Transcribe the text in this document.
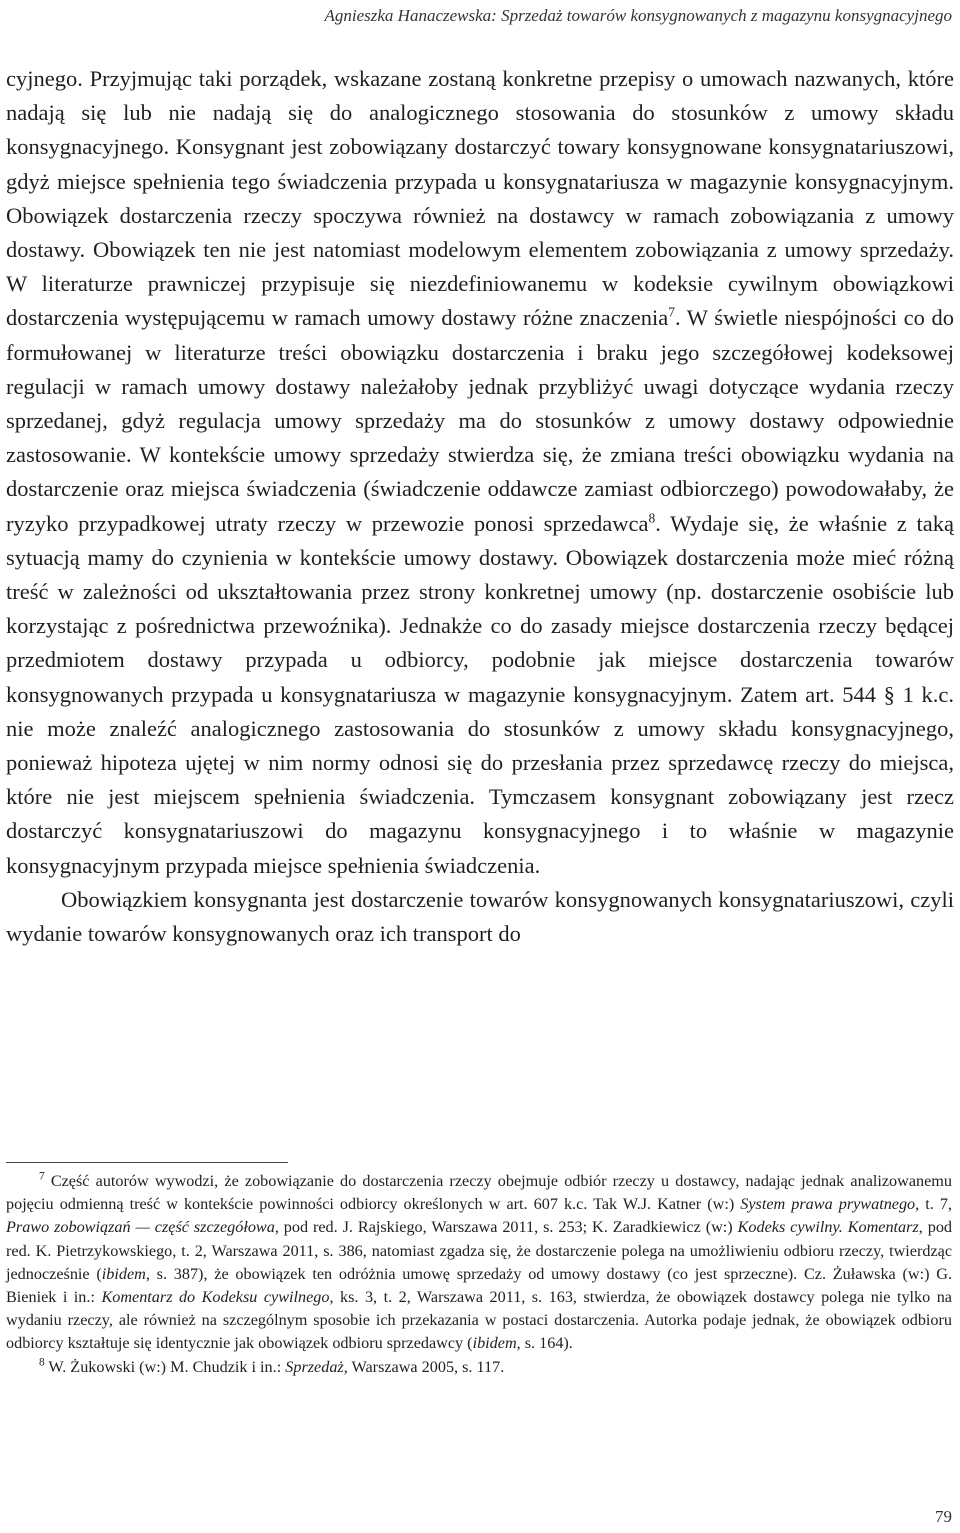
Agnieszka Hanaczewska: Sprzedaż towarów konsygnowanych z magazynu konsygnacyjnego

cyjnego. Przyjmując taki porządek, wskazane zostaną konkretne przepisy o umowach nazwanych, które nadają się lub nie nadają się do analogicznego stosowania do stosunków z umowy składu konsygnacyjnego. Konsygnant jest zobowiązany dostarczyć towary konsygnowane konsygnatariuszowi, gdyż miejsce spełnienia tego świadczenia przypada u konsygnatariusza w magazynie konsygnacyjnym. Obowiązek dostarczenia rzeczy spoczywa również na dostawcy w ramach zobowiązania z umowy dostawy. Obowiązek ten nie jest natomiast modelowym elementem zobowiązania z umowy sprzedaży. W literaturze prawniczej przypisuje się niezdefiniowanemu w kodeksie cywilnym obowiązkowi dostarczenia występującemu w ramach umowy dostawy różne znaczenia$^7$. W świetle niespójności co do formułowanej w literaturze treści obowiązku dostarczenia i braku jego szczegółowej kodeksowej regulacji w ramach umowy dostawy należałoby jednak przybliżyć uwagi dotyczące wydania rzeczy sprzedanej, gdyż regulacja umowy sprzedaży ma do stosunków z umowy dostawy odpowiednie zastosowanie. W kontekście umowy sprzedaży stwierdza się, że zmiana treści obowiązku wydania na dostarczenie oraz miejsca świadczenia (świadczenie oddawcze zamiast odbiorczego) powodowałaby, że ryzyko przypadkowej utraty rzeczy w przewozie ponosi sprzedawca$^8$. Wydaje się, że właśnie z taką sytuacją mamy do czynienia w kontekście umowy dostawy. Obowiązek dostarczenia może mieć różną treść w zależności od ukształtowania przez strony konkretnej umowy (np. dostarczenie osobiście lub korzystając z pośrednictwa przewoźnika). Jednakże co do zasady miejsce dostarczenia rzeczy będącej przedmiotem dostawy przypada u odbiorcy, podobnie jak miejsce dostarczenia towarów konsygnowanych przypada u konsygnatariusza w magazynie konsygnacyjnym. Zatem art. 544 § 1 k.c. nie może znaleźć analogicznego zastosowania do stosunków z umowy składu konsygnacyjnego, ponieważ hipoteza ujętej w nim normy odnosi się do przesłania przez sprzedawcę rzeczy do miejsca, które nie jest miejscem spełnienia świadczenia. Tymczasem konsygnant zobowiązany jest rzecz dostarczyć konsygnatariuszowi do magazynu konsygnacyjnego i to właśnie w magazynie konsygnacyjnym przypada miejsce spełnienia świadczenia.

Obowiązkiem konsygnanta jest dostarczenie towarów konsygnowanych konsygnatariuszowi, czyli wydanie towarów konsygnowanych oraz ich transport do

$^7$ Część autorów wywodzi, że zobowiązanie do dostarczenia rzeczy obejmuje odbiór rzeczy u dostawcy, nadając jednak analizowanemu pojęciu odmienną treść w kontekście powinności odbiorcy określonych w art. 607 k.c. Tak W.J. Katner (w:) System prawa prywatnego, t. 7, Prawo zobowiązań — część szczegółowa, pod red. J. Rajskiego, Warszawa 2011, s. 253; K. Zaradkiewicz (w:) Kodeks cywilny. Komentarz, pod red. K. Pietrzykowskiego, t. 2, Warszawa 2011, s. 386, natomiast zgadza się, że dostarczenie polega na umożliwieniu odbioru rzeczy, twierdząc jednocześnie (ibidem, s. 387), że obowiązek ten odróżnia umowę sprzedaży od umowy dostawy (co jest sprzeczne). Cz. Żuławska (w:) G. Bieniek i in.: Komentarz do Kodeksu cywilnego, ks. 3, t. 2, Warszawa 2011, s. 163, stwierdza, że obowiązek dostawcy polega nie tylko na wydaniu rzeczy, ale również na szczególnym sposobie ich przekazania w postaci dostarczenia. Autorka podaje jednak, że obowiązek odbioru odbiorcy kształtuje się identycznie jak obowiązek odbioru sprzedawcy (ibidem, s. 164).

$^8$ W. Żukowski (w:) M. Chudzik i in.: Sprzedaż, Warszawa 2005, s. 117.

79
